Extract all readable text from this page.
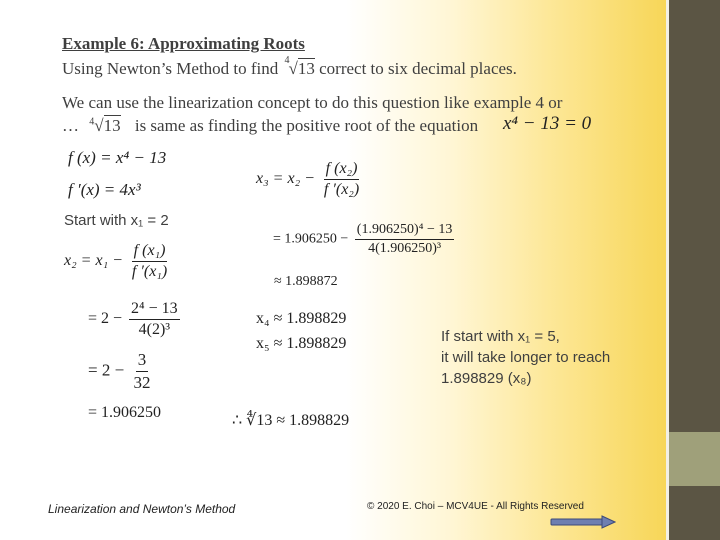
Example 6: Approximating Roots
Using Newton’s Method to find 4 √13 correct to six decimal places.
We can use the linearization concept to do this question like example 4 or
… $^4$√13 is same as finding the positive root of the equation x⁴ − 13 = 0
f (x) = x⁴ − 13
f ′(x) = 4x³
Start with x₁ = 2
$x_2 = x_1 - \frac{\text{f (x₁)}}{\text{f ′(x₁)}}$
= $2 - \frac{\text{2⁴ − 13}}{\text{4(2)³}}$
= $2 - \frac{3}{32}$
= 1.906250
$x_3 = x_2 - \frac{\text{f (x₂)}}{\text{f ′(x₂)}}$
= $1.906250 - \frac{\text{(1.906250)⁴ − 13}}{\text{4(1.906250)³}}$
≈ 1.898872
x₄ ≈ 1.898829
x₅ ≈ 1.898829
∴ ∜13 ≈ 1.898829
If start with x₁ = 5,
it will take longer to reach
1.898829 (x₈)
Linearization and Newton’s Method	© 2020 E. Choi – MCV4UE - All Rights Reserved
